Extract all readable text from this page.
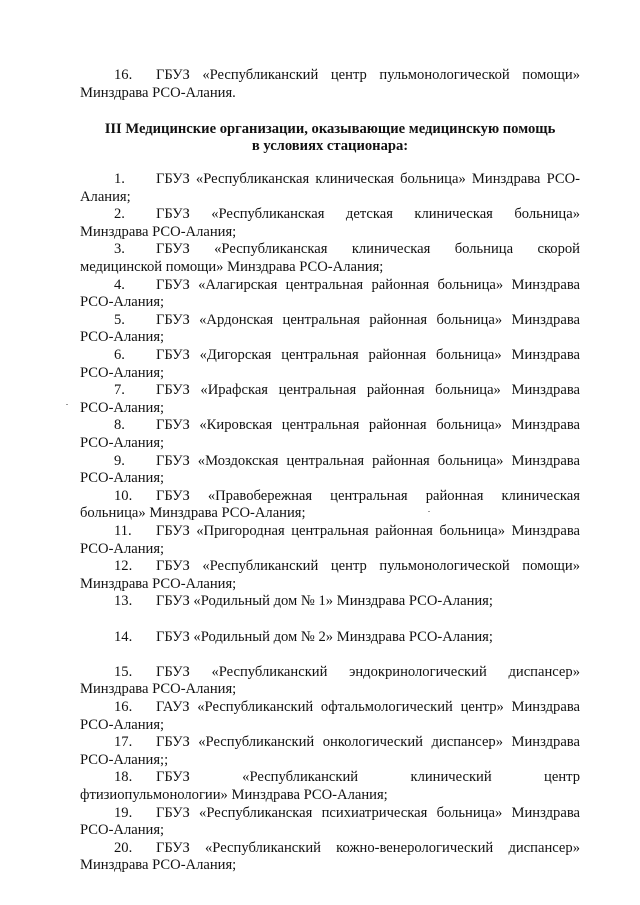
16. ГБУЗ «Республиканский центр пульмонологической помощи» Минздрава РСО-Алания.
III Медицинские организации, оказывающие медицинскую помощь
в условиях стационара:
1. ГБУЗ «Республиканская клиническая больница» Минздрава РСО-Алания;
2. ГБУЗ «Республиканская детская клиническая больница» Минздрава РСО-Алания;
3. ГБУЗ «Республиканская клиническая больница скорой медицинской помощи» Минздрава РСО-Алания;
4. ГБУЗ «Алагирская центральная районная больница» Минздрава РСО-Алания;
5. ГБУЗ «Ардонская центральная районная больница» Минздрава РСО-Алания;
6. ГБУЗ «Дигорская центральная районная больница» Минздрава РСО-Алания;
7. ГБУЗ «Ирафская центральная районная больница» Минздрава РСО-Алания;
8. ГБУЗ «Кировская центральная районная больница» Минздрава РСО-Алания;
9. ГБУЗ «Моздокская центральная районная больница» Минздрава РСО-Алания;
10. ГБУЗ «Правобережная центральная районная клиническая больница» Минздрава РСО-Алания;
11. ГБУЗ «Пригородная центральная районная больница» Минздрава РСО-Алания;
12. ГБУЗ «Республиканский центр пульмонологической помощи» Минздрава РСО-Алания;
13. ГБУЗ «Родильный дом № 1» Минздрава РСО-Алания;
14. ГБУЗ «Родильный дом № 2» Минздрава РСО-Алания;
15. ГБУЗ «Республиканский эндокринологический диспансер» Минздрава РСО-Алания;
16. ГАУЗ «Республиканский офтальмологический центр» Минздрава РСО-Алания;
17. ГБУЗ «Республиканский онкологический диспансер» Минздрава РСО-Алания;;
18. ГБУЗ «Республиканский клинический центр фтизиопульмонологии» Минздрава РСО-Алания;
19. ГБУЗ «Республиканская психиатрическая больница» Минздрава РСО-Алания;
20. ГБУЗ «Республиканский кожно-венерологический диспансер» Минздрава РСО-Алания;
